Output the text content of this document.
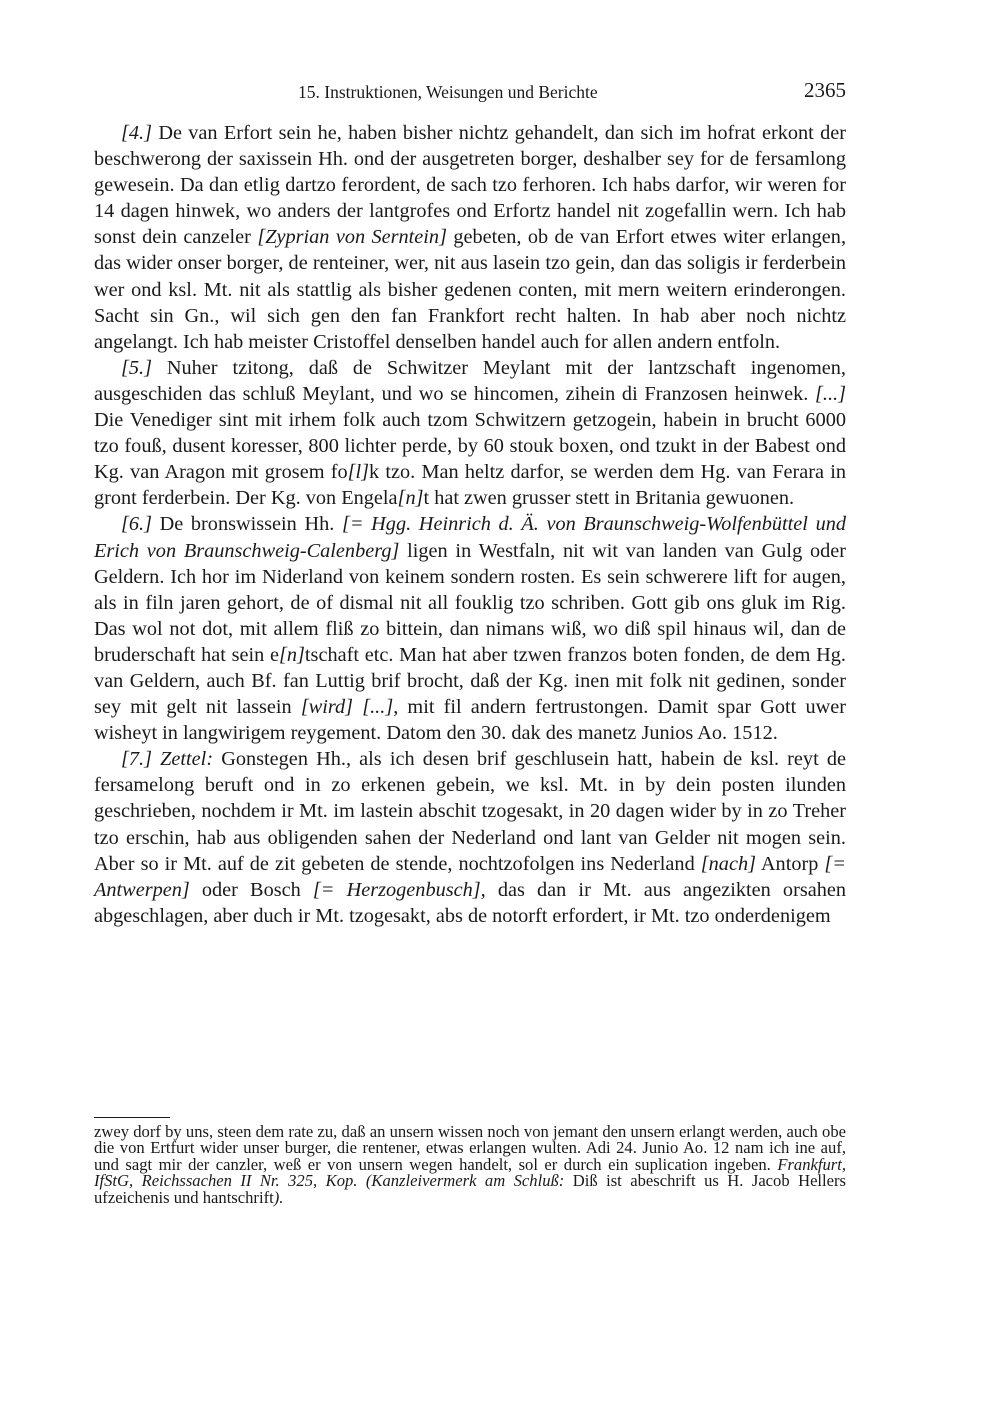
15. Instruktionen, Weisungen und Berichte	2365

[4.] De van Erfort sein he, haben bisher nichtz gehandelt, dan sich im hofrat erkont der beschwerong der saxissein Hh. ond der ausgetreten borger, deshalber sey for de fersamlong gewesein. Da dan etlig dartzo ferordent, de sach tzo ferhoren. Ich habs darfor, wir weren for 14 dagen hinwek, wo anders der lantgrofes ond Erfortz handel nit zogefallin wern. Ich hab sonst dein canzeler [Zyprian von Serntein] gebeten, ob de van Erfort etwes witer erlangen, das wider onser borger, de renteiner, wer, nit aus lasein tzo gein, dan das soligis ir ferderbein wer ond ksl. Mt. nit als stattlig als bisher gedenen conten, mit mern weitern erinderongen. Sacht sin Gn., wil sich gen den fan Frankfort recht halten. In hab aber noch nichtz angelangt. Ich hab meister Cristoffel denselben handel auch for allen andern entfoln.

[5.] Nuher tzitong, daß de Schwitzer Meylant mit der lantzschaft ingenomen, ausgeschiden das schluß Meylant, und wo se hincomen, zihein di Franzosen heinwek. [...] Die Venediger sint mit irhem folk auch tzom Schwitzern getzogein, habein in brucht 6000 tzo fouß, dusent koresser, 800 lichter perde, by 60 stouk boxen, ond tzukt in der Babest ond Kg. van Aragon mit grosem fo[l]k tzo. Man heltz darfor, se werden dem Hg. van Ferara in gront ferderbein. Der Kg. von Engela[n]t hat zwen grusser stett in Britania gewuonen.

[6.] De bronswissein Hh. [= Hgg. Heinrich d. Ä. von Braunschweig-Wolfenbüttel und Erich von Braunschweig-Calenberg] ligen in Westfaln, nit wit van landen van Gulg oder Geldern. Ich hor im Niderland von keinem sondern rosten. Es sein schwerere lift for augen, als in filn jaren gehort, de of dismal nit all fouklig tzo schriben. Gott gib ons gluk im Rig. Das wol not dot, mit allem fliß zo bittein, dan nimans wiß, wo diß spil hinaus wil, dan de bruderschaft hat sein e[n]tschaft etc. Man hat aber tzwen franzos boten fonden, de dem Hg. van Geldern, auch Bf. fan Luttig brif brocht, daß der Kg. inen mit folk nit gedinen, sonder sey mit gelt nit lassein [wird] [...], mit fil andern fertrustongen. Damit spar Gott uwer wisheyt in langwirigem reygement. Datom den 30. dak des manetz Junios Ao. 1512.

[7.] Zettel: Gonstegen Hh., als ich desen brif geschlusein hatt, habein de ksl. reyt de fersamelong beruft ond in zo erkenen gebein, we ksl. Mt. in by dein posten ilunden geschrieben, nochdem ir Mt. im lastein abschit tzogesakt, in 20 dagen wider by in zo Treher tzo erschin, hab aus obligenden sahen der Nederland ond lant van Gelder nit mogen sein. Aber so ir Mt. auf de zit gebeten de stende, nochtzofolgen ins Nederland [nach] Antorp [= Antwerpen] oder Bosch [= Herzogenbusch], das dan ir Mt. aus angezikten orsahen abgeschlagen, aber duch ir Mt. tzogesakt, abs de notorft erfordert, ir Mt. tzo onderdenigem

zwey dorf by uns, steen dem rate zu, daß an unsern wissen noch von jemant den unsern erlangt werden, auch obe die von Ertfurt wider unser burger, die rentener, etwas erlangen wulten. Adi 24. Junio Ao. 12 nam ich ine auf, und sagt mir der canzler, weß er von unsern wegen handelt, sol er durch ein suplication ingeben. Frankfurt, IfStG, Reichssachen II Nr. 325, Kop. (Kanzleivermerk am Schluß: Diß ist abeschrift us H. Jacob Hellers ufzeichenis und hantschrift).
